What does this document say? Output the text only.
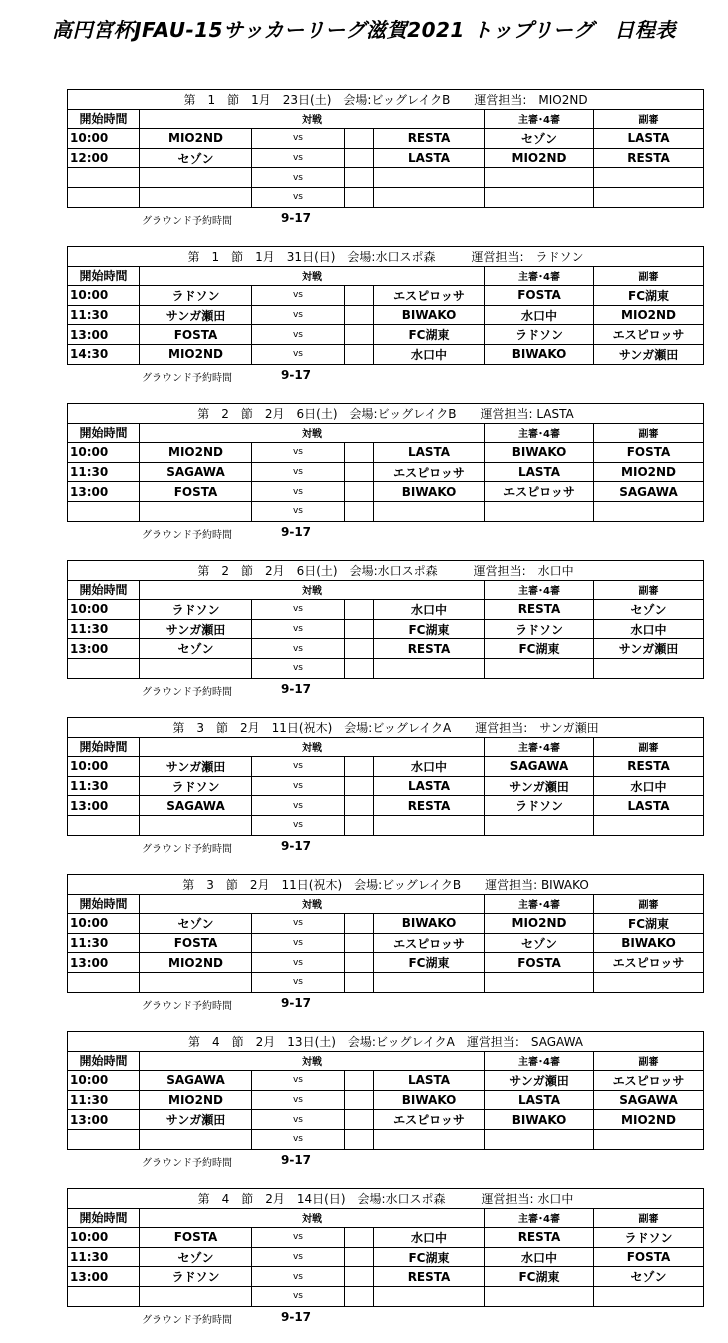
高円宮杯JFAU-15サッカーリーグ滋賀2021 トップリーグ　日程表
第　1　節　1月　23日(土)　会場:ビッグレイクB　　運営担当:　MIO2ND						
開始時間	対戦				主審･4審	副審
10:00	MIO2ND	vs		RESTA	セゾン	LASTA
12:00	セゾン	vs		LASTA	MIO2ND	RESTA
		vs				
		vs				
グラウンド予約時間	9-17
第　1　節　1月　31日(日)　会場:水口スポ森　　　運営担当:　ラドソン						
開始時間	対戦				主審･4審	副審
10:00	ラドソン	vs		エスピロッサ	FOSTA	FC湖東
11:30	サンガ瀬田	vs		BIWAKO	水口中	MIO2ND
13:00	FOSTA	vs		FC湖東	ラドソン	エスピロッサ
14:30	MIO2ND	vs		水口中	BIWAKO	サンガ瀬田
グラウンド予約時間	9-17
第　2　節　2月　6日(土)　会場:ビッグレイクB　　運営担当: LASTA						
開始時間	対戦				主審･4審	副審
10:00	MIO2ND	vs		LASTA	BIWAKO	FOSTA
11:30	SAGAWA	vs		エスピロッサ	LASTA	MIO2ND
13:00	FOSTA	vs		BIWAKO	エスピロッサ	SAGAWA
		vs				
グラウンド予約時間	9-17
第　2　節　2月　6日(土)　会場:水口スポ森　　　運営担当:　水口中						
開始時間	対戦				主審･4審	副審
10:00	ラドソン	vs		水口中	RESTA	セゾン
11:30	サンガ瀬田	vs		FC湖東	ラドソン	水口中
13:00	セゾン	vs		RESTA	FC湖東	サンガ瀬田
		vs				
グラウンド予約時間	9-17
第　3　節　2月　11日(祝木)　会場:ビッグレイクA　　運営担当:　サンガ瀬田						
開始時間	対戦				主審･4審	副審
10:00	サンガ瀬田	vs		水口中	SAGAWA	RESTA
11:30	ラドソン	vs		LASTA	サンガ瀬田	水口中
13:00	SAGAWA	vs		RESTA	ラドソン	LASTA
		vs				
グラウンド予約時間	9-17
第　3　節　2月　11日(祝木)　会場:ビッグレイクB　　運営担当: BIWAKO						
開始時間	対戦				主審･4審	副審
10:00	セゾン	vs		BIWAKO	MIO2ND	FC湖東
11:30	FOSTA	vs		エスピロッサ	セゾン	BIWAKO
13:00	MIO2ND	vs		FC湖東	FOSTA	エスピロッサ
		vs				
グラウンド予約時間	9-17
第　4　節　2月　13日(土)　会場:ビッグレイクA　運営担当:　SAGAWA						
開始時間	対戦				主審･4審	副審
10:00	SAGAWA	vs		LASTA	サンガ瀬田	エスピロッサ
11:30	MIO2ND	vs		BIWAKO	LASTA	SAGAWA
13:00	サンガ瀬田	vs		エスピロッサ	BIWAKO	MIO2ND
		vs				
グラウンド予約時間	9-17
第　4　節　2月　14日(日)　会場:水口スポ森　　　運営担当: 水口中						
開始時間	対戦				主審･4審	副審
10:00	FOSTA	vs		水口中	RESTA	ラドソン
11:30	セゾン	vs		FC湖東	水口中	FOSTA
13:00	ラドソン	vs		RESTA	FC湖東	セゾン
		vs				
グラウンド予約時間	9-17
